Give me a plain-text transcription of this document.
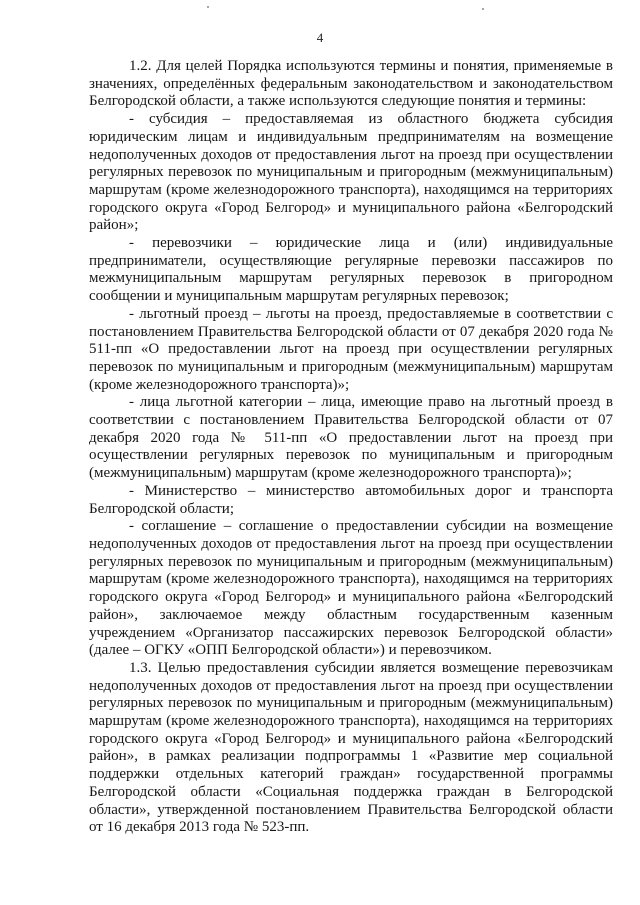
4

1.2. Для целей Порядка используются термины и понятия, применяемые в значениях, определённых федеральным законодательством и законодательством Белгородской области, а также используются следующие понятия и термины:

- субсидия – предоставляемая из областного бюджета субсидия юридическим лицам и индивидуальным предпринимателям на возмещение недополученных доходов от предоставления льгот на проезд при осуществлении регулярных перевозок по муниципальным и пригородным (межмуниципальным) маршрутам (кроме железнодорожного транспорта), находящимся на территориях городского округа «Город Белгород» и муниципального района «Белгородский район»;

- перевозчики – юридические лица и (или) индивидуальные предприниматели, осуществляющие регулярные перевозки пассажиров по межмуниципальным маршрутам регулярных перевозок в пригородном сообщении и муниципальным маршрутам регулярных перевозок;

- льготный проезд – льготы на проезд, предоставляемые в соответствии с постановлением Правительства Белгородской области от 07 декабря 2020 года № 511-пп «О предоставлении льгот на проезд при осуществлении регулярных перевозок по муниципальным и пригородным (межмуниципальным) маршрутам (кроме железнодорожного транспорта)»;

- лица льготной категории – лица, имеющие право на льготный проезд в соответствии с постановлением Правительства Белгородской области от 07 декабря 2020 года № 511-пп «О предоставлении льгот на проезд при осуществлении регулярных перевозок по муниципальным и пригородным (межмуниципальным) маршрутам (кроме железнодорожного транспорта)»;

- Министерство – министерство автомобильных дорог и транспорта Белгородской области;

- соглашение – соглашение о предоставлении субсидии на возмещение недополученных доходов от предоставления льгот на проезд при осуществлении регулярных перевозок по муниципальным и пригородным (межмуниципальным) маршрутам (кроме железнодорожного транспорта), находящимся на территориях городского округа «Город Белгород» и муниципального района «Белгородский район», заключаемое между областным государственным казенным учреждением «Организатор пассажирских перевозок Белгородской области» (далее – ОГКУ «ОПП Белгородской области») и перевозчиком.

1.3. Целью предоставления субсидии является возмещение перевозчикам недополученных доходов от предоставления льгот на проезд при осуществлении регулярных перевозок по муниципальным и пригородным (межмуниципальным) маршрутам (кроме железнодорожного транспорта), находящимся на территориях городского округа «Город Белгород» и муниципального района «Белгородский район», в рамках реализации подпрограммы 1 «Развитие мер социальной поддержки отдельных категорий граждан» государственной программы Белгородской области «Социальная поддержка граждан в Белгородской области», утвержденной постановлением Правительства Белгородской области от 16 декабря 2013 года № 523-пп.
